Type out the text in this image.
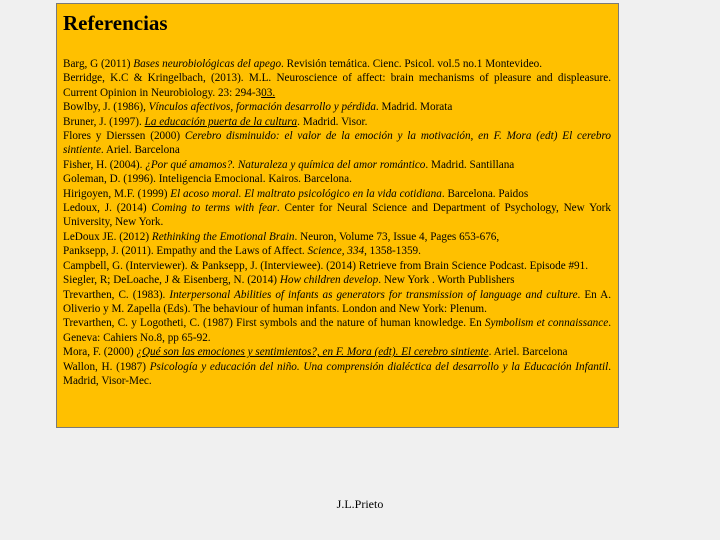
Referencias
Barg, G (2011) Bases neurobiológicas del apego. Revisión temática. Cienc. Psicol. vol.5 no.1 Montevideo.
Berridge, K.C & Kringelbach, (2013). M.L. Neuroscience of affect: brain mechanisms of pleasure and displeasure. Current Opinion in Neurobiology. 23: 294-303.
Bowlby, J. (1986), Vínculos afectivos, formación desarrollo y pérdida. Madrid. Morata
Bruner, J. (1997). La educación puerta de la cultura. Madrid. Visor.
Flores y Dierssen (2000) Cerebro disminuido: el valor de la emoción y la motivación, en F. Mora (edt) El cerebro sintiente. Ariel. Barcelona
Fisher, H. (2004). ¿Por qué amamos?. Naturaleza y química del amor romántico. Madrid. Santillana
Goleman, D. (1996). Inteligencia Emocional. Kairos. Barcelona.
Hirigoyen, M.F. (1999) El acoso moral. El maltrato psicológico en la vida cotidiana. Barcelona. Paidos
Ledoux, J. (2014) Coming to terms with fear. Center for Neural Science and Department of Psychology, New York University, New York.
LeDoux JE. (2012) Rethinking the Emotional Brain. Neuron, Volume 73, Issue 4, Pages 653-676,
Panksepp, J. (2011). Empathy and the Laws of Affect. Science, 334, 1358-1359.
Campbell, G. (Interviewer). & Panksepp, J. (Interviewee). (2014) Retrieve from Brain Science Podcast. Episode #91.
Siegler, R; DeLoache, J & Eisenberg, N. (2014) How children develop. New York . Worth Publishers
Trevarthen, C. (1983). Interpersonal Abilities of infants as generators for transmission of language and culture. En A. Oliverio y M. Zapella (Eds). The behaviour of human infants. London and New York: Plenum.
Trevarthen, C. y Logotheti, C. (1987) First symbols and the nature of human knowledge. En Symbolism et connaissance. Geneva: Cahiers No.8, pp 65-92.
Mora, F. (2000) ¿Qué son las emociones y sentimientos?, en F. Mora (edt). El cerebro sintiente. Ariel. Barcelona
Wallon, H. (1987) Psicología y educación del niño. Una comprensión dialéctica del desarrollo y la Educación Infantil. Madrid, Visor-Mec.
J.L.Prieto
